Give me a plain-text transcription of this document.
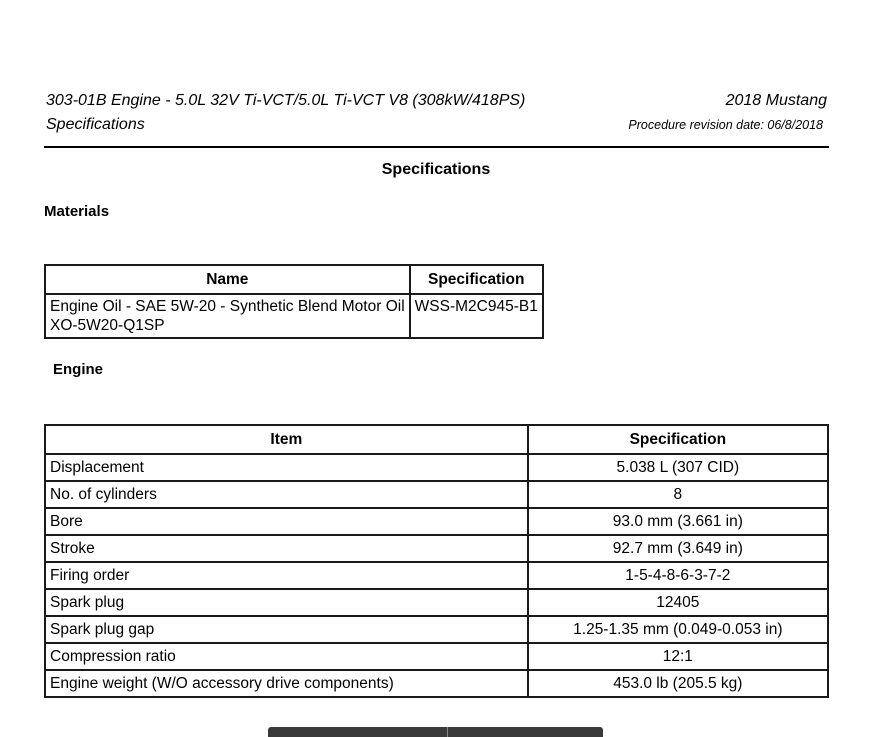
303-01B Engine - 5.0L 32V Ti-VCT/5.0L Ti-VCT V8 (308kW/418PS)
Specifications
2018 Mustang
Procedure revision date: 06/8/2018
Specifications
Materials
Name	Specification
Engine Oil - SAE 5W-20 - Synthetic Blend Motor Oil
XO-5W20-Q1SP	WSS-M2C945-B1
Engine
Item	Specification
Displacement	5.038 L (307 CID)
No. of cylinders	8
Bore	93.0 mm (3.661 in)
Stroke	92.7 mm (3.649 in)
Firing order	1-5-4-8-6-3-7-2
Spark plug	12405
Spark plug gap	1.25-1.35 mm (0.049-0.053 in)
Compression ratio	12:1
Engine weight (W/O accessory drive components)	453.0 lb (205.5 kg)
